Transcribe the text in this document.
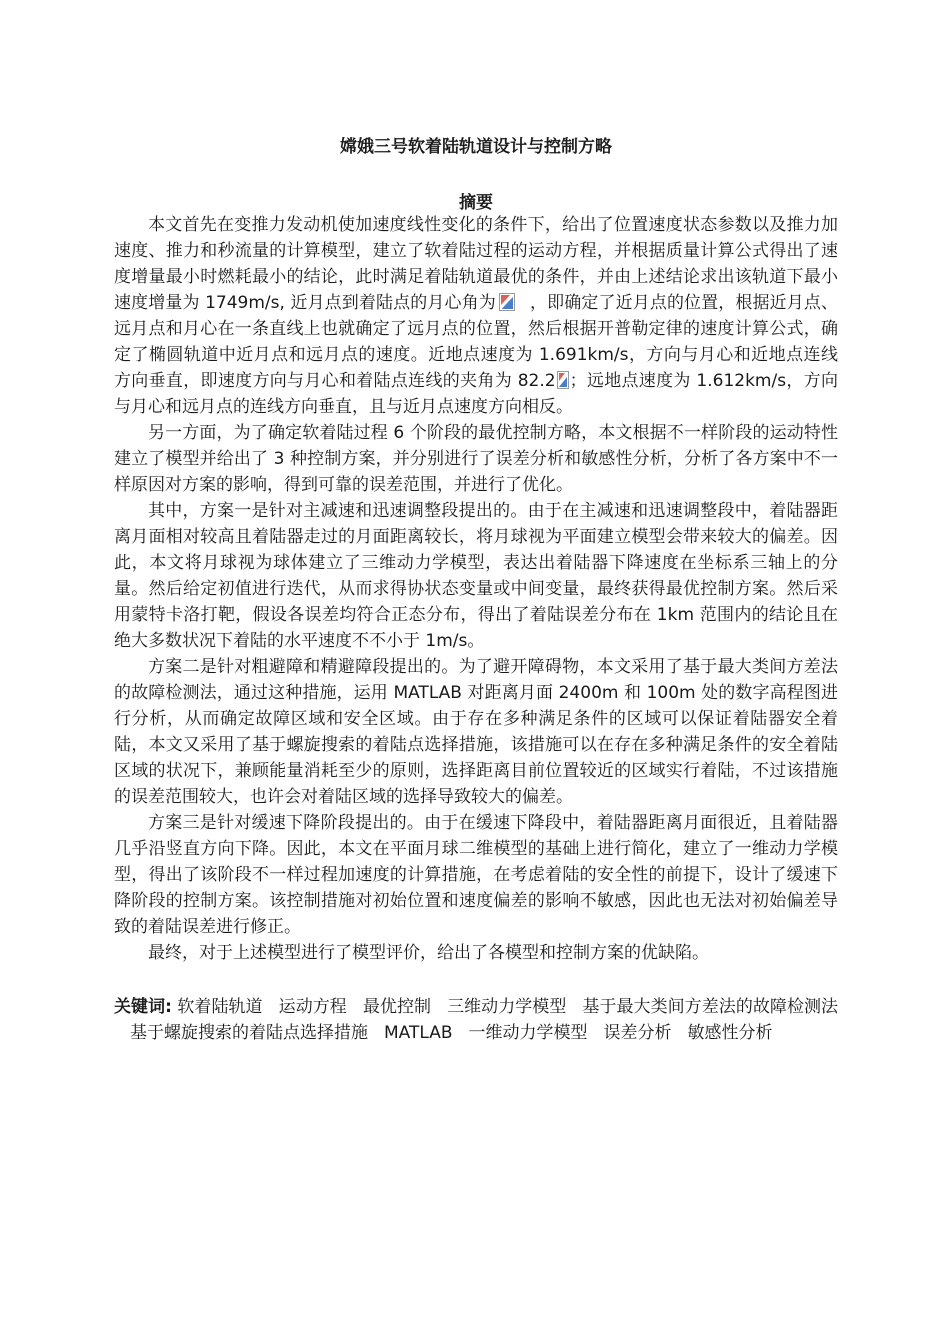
嫦娥三号软着陆轨道设计与控制方略
摘要

本文首先在变推力发动机使加速度线性变化的条件下，给出了位置速度状态参数以及推力加速度、推力和秒流量的计算模型，建立了软着陆过程的运动方程，并根据质量计算公式得出了速度增量最小时燃耗最小的结论，此时满足着陆轨道最优的条件，并由上述结论求出该轨道下最小速度增量为 1749m/s, 近月点到着陆点的月心角为 ，即确定了近月点的位置，根据近月点、远月点和月心在一条直线上也就确定了远月点的位置，然后根据开普勒定律的速度计算公式，确定了椭圆轨道中近月点和远月点的速度。近地点速度为 1.691km/s，方向与月心和近地点连线方向垂直，即速度方向与月心和着陆点连线的夹角为 82.2 ；远地点速度为 1.612km/s，方向与月心和远月点的连线方向垂直，且与近月点速度方向相反。

另一方面，为了确定软着陆过程 6 个阶段的最优控制方略，本文根据不一样阶段的运动特性建立了模型并给出了 3 种控制方案，并分别进行了误差分析和敏感性分析，分析了各方案中不一样原因对方案的影响，得到可靠的误差范围，并进行了优化。

其中，方案一是针对主减速和迅速调整段提出的。由于在主减速和迅速调整段中，着陆器距离月面相对较高且着陆器走过的月面距离较长，将月球视为平面建立模型会带来较大的偏差。因此，本文将月球视为球体建立了三维动力学模型，表达出着陆器下降速度在坐标系三轴上的分量。然后给定初值进行迭代，从而求得协状态变量或中间变量，最终获得最优控制方案。然后采用蒙特卡洛打靶，假设各误差均符合正态分布，得出了着陆误差分布在 1km 范围内的结论且在绝大多数状况下着陆的水平速度不不小于 1m/s。

方案二是针对粗避障和精避障段提出的。为了避开障碍物，本文采用了基于最大类间方差法的故障检测法，通过这种措施，运用 MATLAB 对距离月面 2400m 和 100m 处的数字高程图进行分析，从而确定故障区域和安全区域。由于存在多种满足条件的区域可以保证着陆器安全着陆，本文又采用了基于螺旋搜索的着陆点选择措施，该措施可以在存在多种满足条件的安全着陆区域的状况下，兼顾能量消耗至少的原则，选择距离目前位置较近的区域实行着陆，不过该措施的误差范围较大，也许会对着陆区域的选择导致较大的偏差。

方案三是针对缓速下降阶段提出的。由于在缓速下降段中，着陆器距离月面很近，且着陆器几乎沿竖直方向下降。因此，本文在平面月球二维模型的基础上进行简化，建立了一维动力学模型，得出了该阶段不一样过程加速度的计算措施，在考虑着陆的安全性的前提下，设计了缓速下降阶段的控制方案。该控制措施对初始位置和速度偏差的影响不敏感，因此也无法对初始偏差导致的着陆误差进行修正。

最终，对于上述模型进行了模型评价，给出了各模型和控制方案的优缺陷。

关键词: 软着陆轨道 运动方程 最优控制 三维动力学模型 基于最大类间方差法的故障检测法基于螺旋搜索的着陆点选择措施 MATLAB 一维动力学模型 误差分析 敏感性分析
